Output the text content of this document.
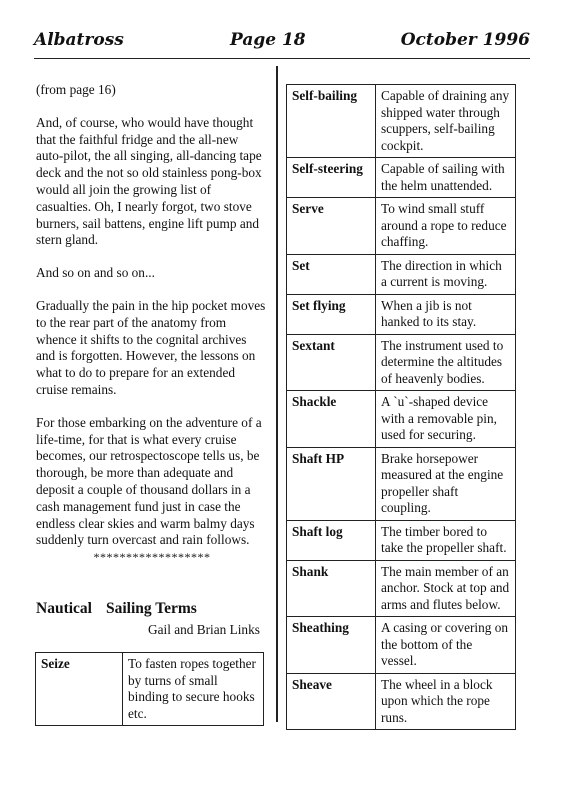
Albatross	Page 18	October 1996

(from page 16)

And, of course, who would have thought that the faithful fridge and the all-new auto-pilot, the all singing, all-dancing tape deck and the not so old stainless pong-box would all join the growing list of casualties. Oh, I nearly forgot, two stove burners, sail battens, engine lift pump and stern gland.

And so on and so on...

Gradually the pain in the hip pocket moves to the rear part of the anatomy from whence it shifts to the cognital archives and is forgotten. However, the lessons on what to do to prepare for an extended cruise remains.

For those embarking on the adventure of a life-time, for that is what every cruise becomes, our retrospectoscope tells us, be thorough, be more than adequate and deposit a couple of thousand dollars in a cash management fund just in case the endless clear skies and warm balmy days suddenly turn overcast and rain follows.

******************
Nautical Sailing Terms
Gail and Brian Links
Seize	To fasten ropes together by turns of small binding to secure hooks etc.
Self-bailing	Capable of draining any shipped water through scuppers, self-bailing cockpit.
Self-steering	Capable of sailing with the helm unattended.
Serve	To wind small stuff around a rope to reduce chaffing.
Set	The direction in which a current is moving.
Set flying	When a jib is not hanked to its stay.
Sextant	The instrument used to determine the altitudes of heavenly bodies.
Shackle	A `u`-shaped device with a removable pin, used for securing.
Shaft HP	Brake horsepower measured at the engine propeller shaft coupling.
Shaft log	The timber bored to take the propeller shaft.
Shank	The main member of an anchor. Stock at top and arms and flutes below.
Sheathing	A casing or covering on the bottom of the vessel.
Sheave	The wheel in a block upon which the rope runs.
